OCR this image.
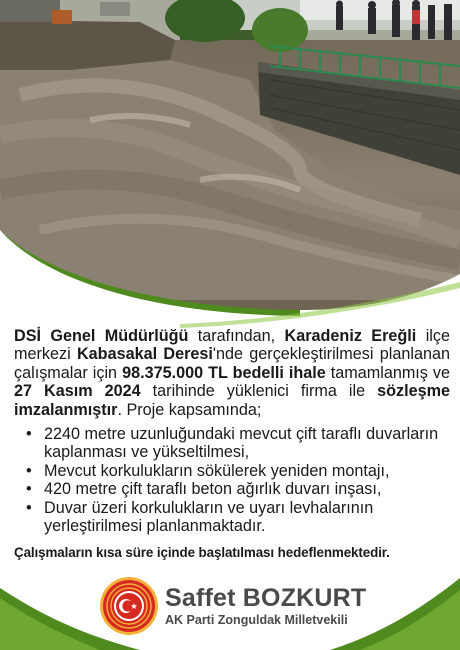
DSİ Genel Müdürlüğü tarafından, Karadeniz Ereğli ilçe merkezi Kabasakal Deresi'nde gerçekleştirilmesi planlanan çalışmalar için 98.375.000 TL bedelli ihale tamamlanmış ve 27 Kasım 2024 tarihinde yüklenici firma ile sözleşme imzalanmıştır. Proje kapsamında;

• 2240 metre uzunluğundaki mevcut çift taraflı duvarların kaplanması ve yükseltilmesi,
• Mevcut korkulukların sökülerek yeniden montajı,
• 420 metre çift taraflı beton ağırlık duvarı inşası,
• Duvar üzeri korkulukların ve uyarı levhalarının yerleştirilmesi planlanmaktadır.

Çalışmaların kısa süre içinde başlatılması hedeflenmektedir.

Saffet BOZKURT
AK Parti Zonguldak Milletvekili
